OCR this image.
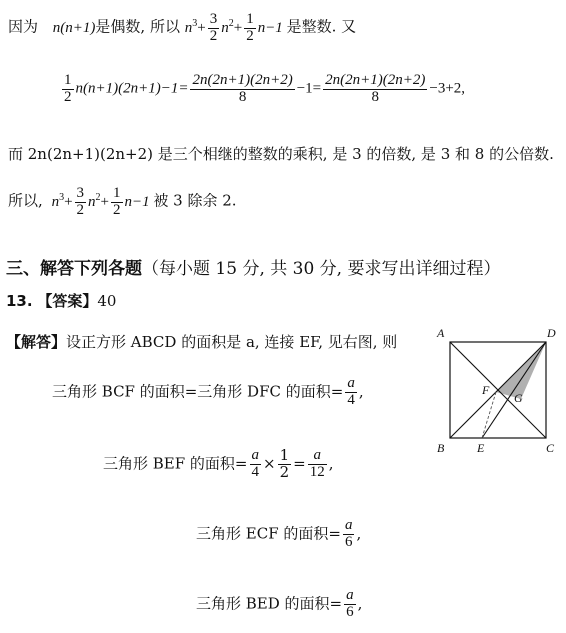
因为 n(n+1)是偶数, 所以 $n^3+ \frac{3}{2} n^2+ \frac{1}{2} n-1$ 是整数. 又
$\frac{1}{2} n(n+1)(2n+1)-1= \frac{2n(2n+1)(2n+2)}{8} -1= \frac{2n(2n+1)(2n+2)}{8} -3+2$,
而 2n(2n+1)(2n+2) 是三个相继的整数的乘积, 是 3 的倍数, 是 3 和 8 的公倍数.
所以, $n^3+ \frac{3}{2} n^2+ \frac{1}{2} n-1$ 被 3 除余 2.
三、解答下列各题（每小题 15 分, 共 30 分, 要求写出详细过程）
13. 【答案】40
【解答】设正方形 ABCD 的面积是 a, 连接 EF, 见右图, 则
三角形 BCF 的面积=三角形 DFC 的面积= $\frac{a}{4}$ ,
三角形 BEF 的面积= $\frac{a}{4} \times \frac{1}{2} = \frac{a}{12}$ ,
三角形 ECF 的面积= $\frac{a}{6}$ ,
三角形 BED 的面积= $\frac{a}{6}$ ,
A	D
B	E	C
F
G
